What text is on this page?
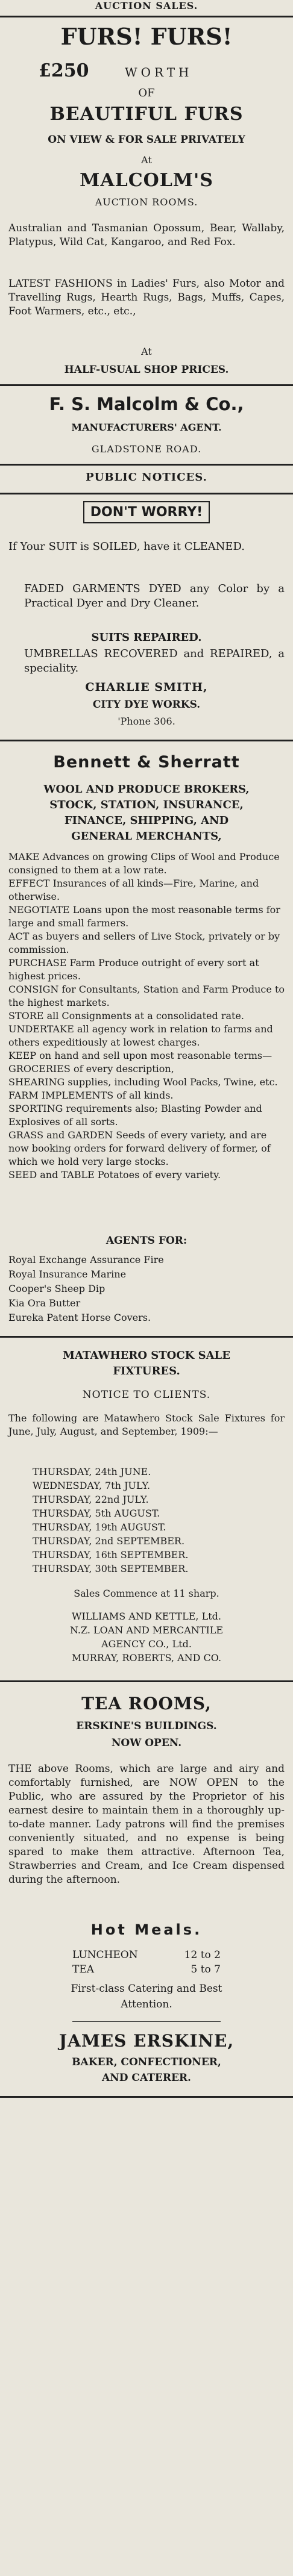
AUCTION SALES.
FURS! FURS!
£250	WORTH
OF
BEAUTIFUL FURS
ON VIEW & FOR SALE PRIVATELY
At
MALCOLM'S
AUCTION ROOMS.
Australian and Tasmanian Opossum, Bear, Wallaby, Platypus, Wild Cat, Kangaroo, and Red Fox.
LATEST FASHIONS in Ladies' Furs, also Motor and Travelling Rugs, Hearth Rugs, Bags, Muffs, Capes, Foot Warmers, etc., etc.,
At
HALF-USUAL SHOP PRICES.
F. S. Malcolm & Co.,
MANUFACTURERS' AGENT.
GLADSTONE ROAD.
PUBLIC NOTICES.
DON'T WORRY!
If Your SUIT is SOILED, have it CLEANED.
FADED GARMENTS DYED any Color by a Practical Dyer and Dry Cleaner.
SUITS REPAIRED.
UMBRELLAS RECOVERED and REPAIRED, a speciality.
CHARLIE SMITH,
CITY DYE WORKS.
'Phone 306.
Bennett & Sherratt
WOOL AND PRODUCE BROKERS,
STOCK, STATION, INSURANCE,
FINANCE, SHIPPING, AND
GENERAL MERCHANTS,
MAKE Advances on growing Clips of Wool and Produce consigned to them at a low rate.
EFFECT Insurances of all kinds—Fire, Marine, and otherwise.
NEGOTIATE Loans upon the most reasonable terms for large and small farmers.
ACT as buyers and sellers of Live Stock, privately or by commission.
PURCHASE Farm Produce outright of every sort at highest prices.
CONSIGN for Consultants, Station and Farm Produce to the highest markets.
STORE all Consignments at a consolidated rate.
UNDERTAKE all agency work in relation to farms and others expeditiously at lowest charges.
KEEP on hand and sell upon most reasonable terms—
GROCERIES of every description,
SHEARING supplies, including Wool Packs, Twine, etc.
FARM IMPLEMENTS of all kinds.
SPORTING requirements also; Blasting Powder and Explosives of all sorts.
GRASS and GARDEN Seeds of every variety, and are now booking orders for forward delivery of former, of which we hold very large stocks.
SEED and TABLE Potatoes of every variety.
AGENTS FOR:
Royal Exchange Assurance Fire
Royal Insurance Marine
Cooper's Sheep Dip
Kia Ora Butter
Eureka Patent Horse Covers.
MATAWHERO STOCK SALE
FIXTURES.
NOTICE TO CLIENTS.
The following are Matawhero Stock Sale Fixtures for June, July, August, and September, 1909:—
THURSDAY, 24th JUNE.
WEDNESDAY, 7th JULY.
THURSDAY, 22nd JULY.
THURSDAY, 5th AUGUST.
THURSDAY, 19th AUGUST.
THURSDAY, 2nd SEPTEMBER.
THURSDAY, 16th SEPTEMBER.
THURSDAY, 30th SEPTEMBER.
Sales Commence at 11 sharp.
WILLIAMS AND KETTLE, Ltd.
N.Z. LOAN AND MERCANTILE
AGENCY CO., Ltd.
MURRAY, ROBERTS, AND CO.
TEA ROOMS,
ERSKINE'S BUILDINGS.
NOW OPEN.
THE above Rooms, which are large and airy and comfortably furnished, are NOW OPEN to the Public, who are assured by the Proprietor of his earnest desire to maintain them in a thoroughly up-to-date manner. Lady patrons will find the premises conveniently situated, and no expense is being spared to make them attractive. Afternoon Tea, Strawberries and Cream, and Ice Cream dispensed during the afternoon.
Hot Meals.
LUNCHEON	12 to 2
TEA	5 to 7
First-class Catering and Best
Attention.
JAMES ERSKINE,
BAKER, CONFECTIONER,
AND CATERER.
